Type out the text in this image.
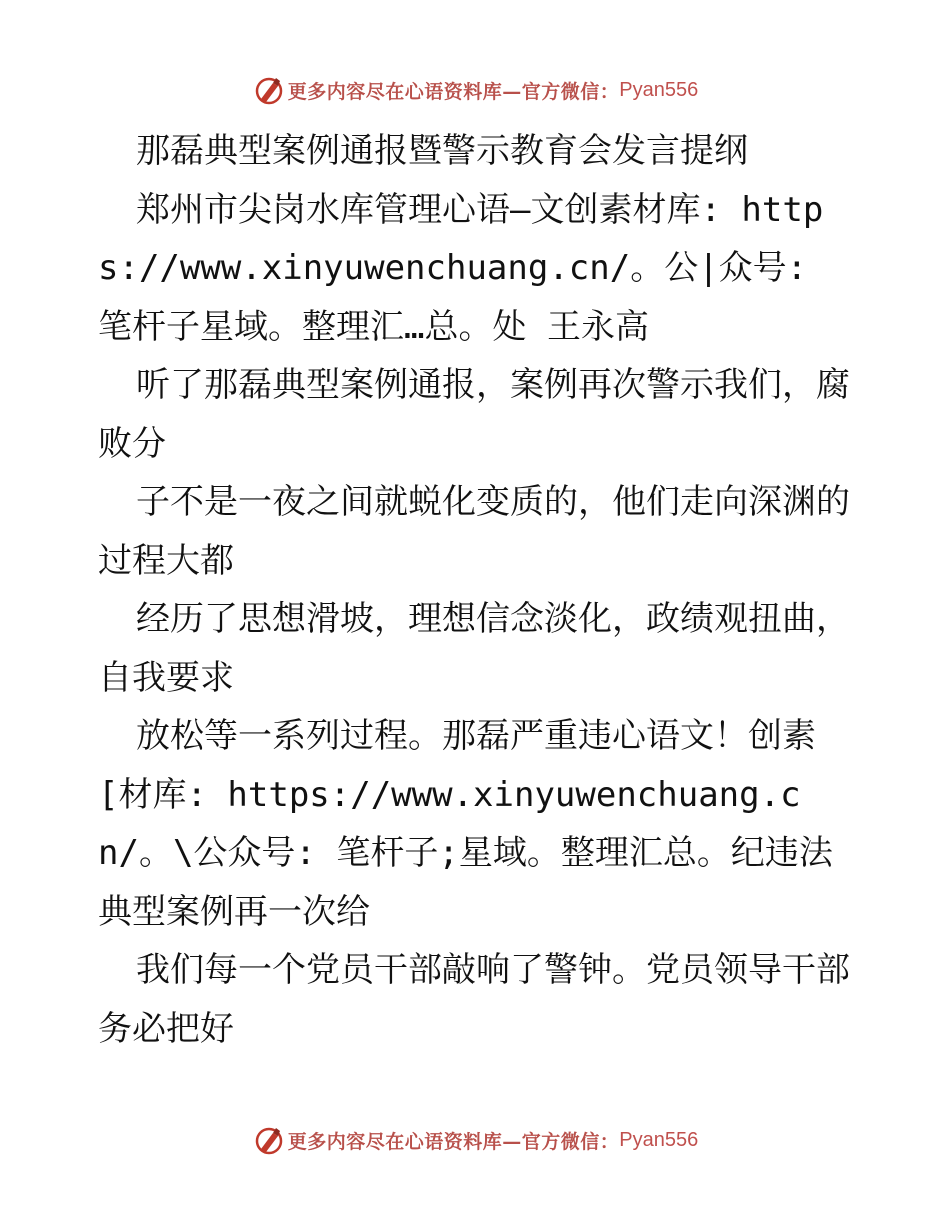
更多内容尽在心语资料库—官方微信： Pyan556

那磊典型案例通报暨警示教育会发言提纲

郑州市尖岗水库管理心语—文创素材库: https://www.xinyuwenchuang.cn/。公|众号: 笔杆子星域。整理汇…总。处 王永高

听了那磊典型案例通报，案例再次警示我们，腐败分

子不是一夜之间就蜕化变质的，他们走向深渊的过程大都

经历了思想滑坡，理想信念淡化，政绩观扭曲，自我要求

放松等一系列过程。那磊严重违心语文！创素[材库: https://www.xinyuwenchuang.cn/。\公众号: 笔杆子;星域。整理汇总。纪违法典型案例再一次给

我们每一个党员干部敲响了警钟。党员领导干部务必把好

更多内容尽在心语资料库—官方微信： Pyan556
